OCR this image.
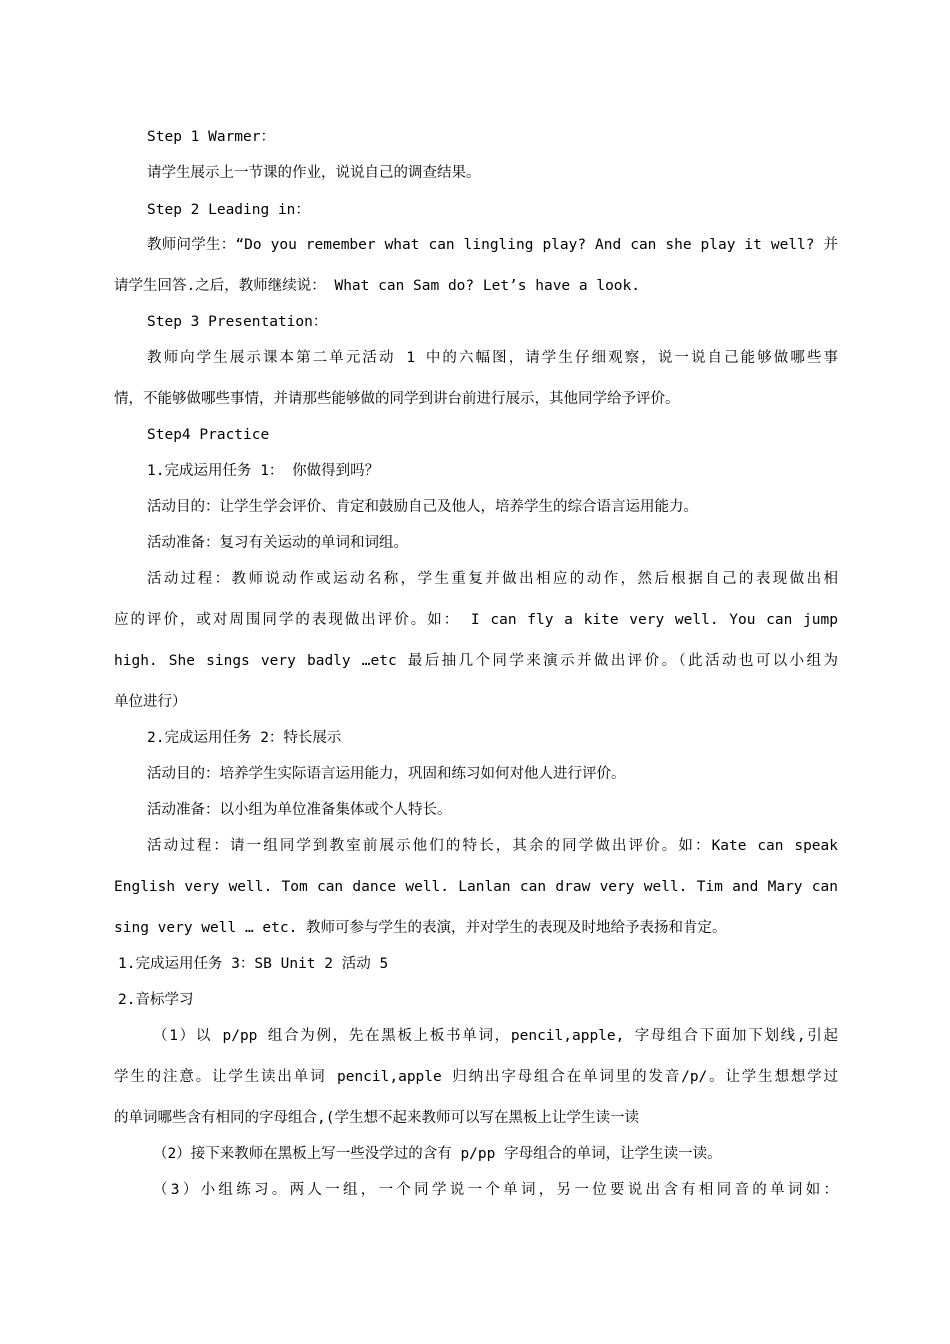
Step 1 Warmer：
请学生展示上一节课的作业，说说自己的调查结果。
Step 2 Leading in：
教师问学生：“Do you remember what can lingling play? And can she play it well? 并
请学生回答.之后，教师继续说： What can Sam do? Let’s have a look.
Step 3 Presentation：
教师向学生展示课本第二单元活动 1 中的六幅图，请学生仔细观察，说一说自己能够做哪些事
情，不能够做哪些事情，并请那些能够做的同学到讲台前进行展示，其他同学给予评价。
Step4 Practice
1.完成运用任务 1： 你做得到吗？
活动目的：让学生学会评价、肯定和鼓励自己及他人，培养学生的综合语言运用能力。
活动准备：复习有关运动的单词和词组。
活动过程：教师说动作或运动名称，学生重复并做出相应的动作，然后根据自己的表现做出相
应的评价，或对周围同学的表现做出评价。如： I can fly a kite very well. You can jump
high. She sings very badly …etc 最后抽几个同学来演示并做出评价。（此活动也可以小组为
单位进行）
2.完成运用任务 2：特长展示
活动目的：培养学生实际语言运用能力，巩固和练习如何对他人进行评价。
活动准备：以小组为单位准备集体或个人特长。
活动过程：请一组同学到教室前展示他们的特长，其余的同学做出评价。如：Kate can speak
English very well. Tom can dance well. Lanlan can draw very well. Tim and Mary can
sing very well … etc. 教师可参与学生的表演，并对学生的表现及时地给予表扬和肯定。
1.完成运用任务 3：SB Unit 2 活动 5
2.音标学习
（1）以 p/pp 组合为例，先在黑板上板书单词，pencil,apple, 字母组合下面加下划线,引起
学生的注意。让学生读出单词 pencil,apple 归纳出字母组合在单词里的发音/p/。让学生想想学过
的单词哪些含有相同的字母组合,(学生想不起来教师可以写在黑板上让学生读一读
（2）接下来教师在黑板上写一些没学过的含有 p/pp 字母组合的单词，让学生读一读。
（3）小组练习。两人一组，一个同学说一个单词，另一位要说出含有相同音的单词如：
